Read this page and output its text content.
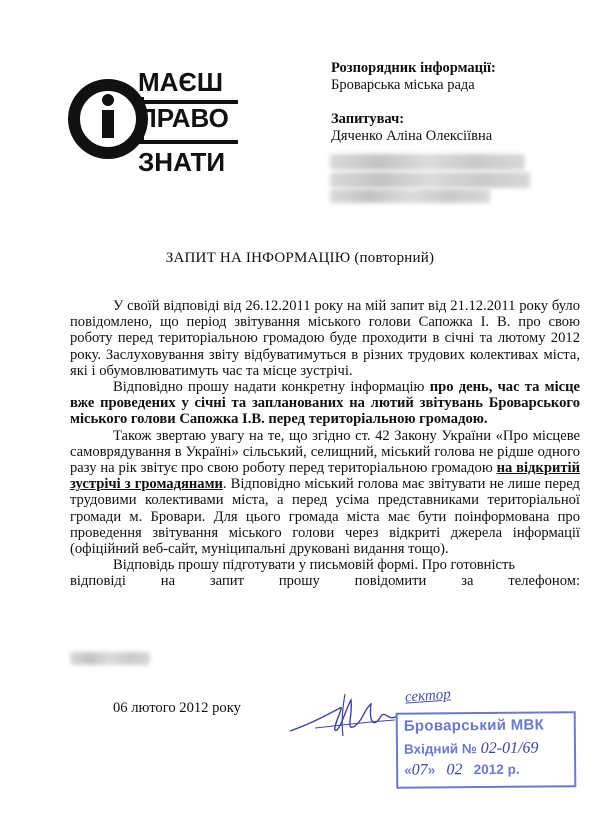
МАЄШ
ПРАВО
ЗНАТИ
Розпорядник інформації:
Броварська міська рада
Запитувач:
Дяченко Аліна Олексіївна
ЗАПИТ НА ІНФОРМАЦІЮ (повторний)

У своїй відповіді від 26.12.2011 року на мій запит від 21.12.2011 року було повідомлено, що період звітування міського голови Сапожка І. В. про свою роботу перед територіальною громадою буде проходити в січні та лютому 2012 року. Заслуховування звіту відбуватимуться в різних трудових колективах міста, які і обумовлюватимуть час та місце зустрічі.

Відповідно прошу надати конкретну інформацію про день, час та місце вже проведених у січні та запланованих на лютий звітувань Броварського міського голови Сапожка І.В. перед територіальною громадою.

Також звертаю увагу на те, що згідно ст. 42 Закону України «Про місцеве самоврядування в Україні» сільський, селищний, міський голова не рідше одного разу на рік звітує про свою роботу перед територіальною громадою на відкритій зустрічі з громадянами. Відповідно міський голова має звітувати не лише перед трудовими колективами міста, а перед усіма представниками територіальної громади м. Бровари. Для цього громада міста має бути поінформована про проведення звітування міського голови через відкриті джерела інформації (офіційний веб-сайт, муніципальні друковані видання тощо).

Відповідь прошу підготувати у письмовій формі. Про готовність

відповіді на запит прошу повідомити за телефоном:
06 лютого 2012 року
сектор
Броварський МВК
Вхідний № 02-01/69
«07» 02 2012 р.
